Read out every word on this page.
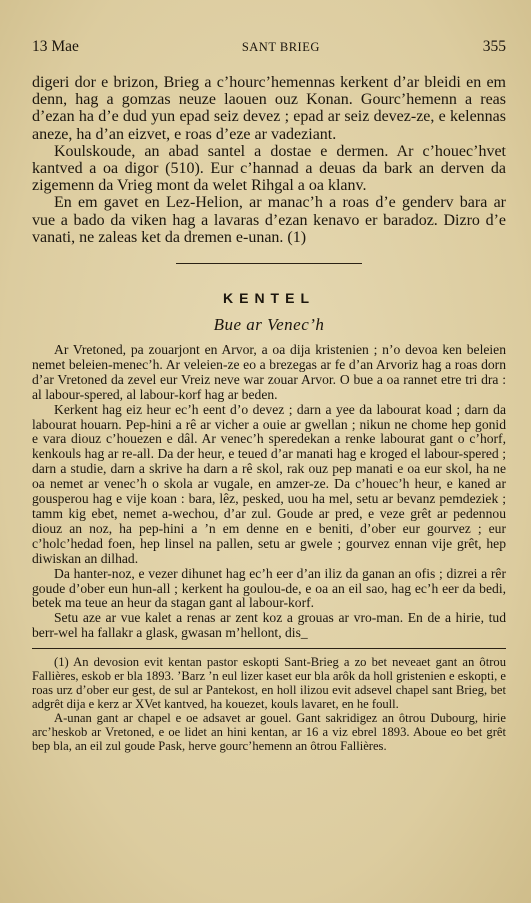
13 Mae	SANT BRIEG	355

digeri dor e brizon, Brieg a c’hourc’hemennas kerkent d’ar bleidi en em denn, hag a gomzas neuze laouen ouz Konan. Gourc’hemenn a reas d’ezan ha d’e dud yun epad seiz devez ; epad ar seiz devez-ze, e kelennas aneze, ha d’an eizvet, e roas d’eze ar vadeziant.

Koulskoude, an abad santel a dostae e dermen. Ar c’houec’hvet kantved a oa digor (510). Eur c’hannad a deuas da bark an derven da zigemenn da Vrieg mont da welet Rihgal a oa klanv.

En em gavet en Lez-Helion, ar manac’h a roas d’e genderv bara ar vue a bado da viken hag a lavaras d’ezan kenavo er baradoz. Dizro d’e vanati, ne zaleas ket da dremen e-unan. (1)

KENTEL
Bue ar Venec’h

Ar Vretoned, pa zouarjont en Arvor, a oa dija kristenien ; n’o devoa ken beleien nemet beleien-menec’h. Ar veleien-ze eo a brezegas ar fe d’an Arvoriz hag a roas dorn d’ar Vretoned da zevel eur Vreiz neve war zouar Arvor. O bue a oa rannet etre tri dra : al labour-spered, al labour-korf hag ar beden.

Kerkent hag eiz heur ec’h eent d’o devez ; darn a yee da labourat koad ; darn da labourat houarn. Pep-hini a rê ar vicher a ouie ar gwellan ; nikun ne chome hep gonid e vara diouz c’houezen e dâl. Ar venec’h speredekan a renke labourat gant o c’horf, kenkouls hag ar re-all. Da der heur, e teued d’ar manati hag e kroged el labour-spered ; darn a studie, darn a skrive ha darn a rê skol, rak ouz pep manati e oa eur skol, ha ne oa nemet ar venec’h o skola ar vugale, en amzer-ze. Da c’houec’h heur, e kaned ar gousperou hag e vije koan : bara, lêz, pesked, uou ha mel, setu ar bevanz pemdeziek ; tamm kig ebet, nemet a-wechou, d’ar zul. Goude ar pred, e veze grêt ar pedennou diouz an noz, ha pep-hini a ’n em denne en e beniti, d’ober eur gourvez ; eur c’holc’hedad foen, hep linsel na pallen, setu ar gwele ; gourvez ennan vije grêt, hep diwiskan an dilhad.

Da hanter-noz, e vezer dihunet hag ec’h eer d’an iliz da ganan an ofis ; dizrei a rêr goude d’ober eun hun-all ; kerkent ha goulou-de, e oa an eil sao, hag ec’h eer da bedi, betek ma teue an heur da stagan gant al labour-korf.

Setu aze ar vue kalet a renas ar zent koz a grouas ar vro-man. En de a hirie, tud berr-wel ha fallakr a glask, gwasan m’hellont, dis_

(1) An devosion evit kentan pastor eskopti Sant-Brieg a zo bet neveaet gant an ôtrou Fallières, eskob er bla 1893. ’Barz ’n eul lizer kaset eur bla arôk da holl gristenien e eskopti, e roas urz d’ober eur gest, de sul ar Pantekost, en holl ilizou evit adsevel chapel sant Brieg, bet adgrêt dija e kerz ar XVet kantved, ha kouezet, kouls lavaret, en he foull.

A-unan gant ar chapel e oe adsavet ar gouel. Gant sakridigez an ôtrou Dubourg, hirie arc’heskob ar Vretoned, e oe lidet an hini kentan, ar 16 a viz ebrel 1893. Aboue eo bet grêt bep bla, an eil zul goude Pask, herve gourc’hemenn an ôtrou Fallières.
